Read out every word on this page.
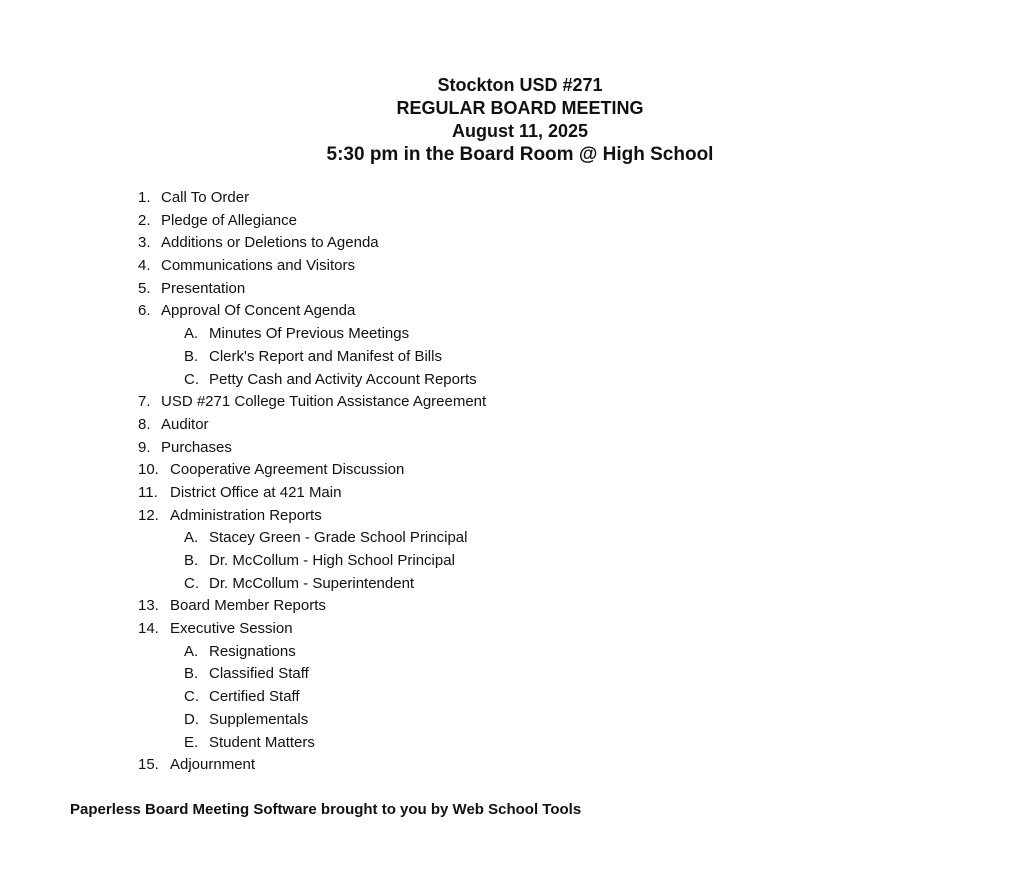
Stockton USD #271
REGULAR BOARD MEETING
August 11, 2025
5:30 pm in the Board Room @ High School
1. Call To Order
2. Pledge of Allegiance
3. Additions or Deletions to Agenda
4. Communications and Visitors
5. Presentation
6. Approval Of Concent Agenda
A. Minutes Of Previous Meetings
B. Clerk's Report and Manifest of Bills
C. Petty Cash and Activity Account Reports
7. USD #271 College Tuition Assistance Agreement
8. Auditor
9. Purchases
10. Cooperative Agreement Discussion
11. District Office at 421 Main
12. Administration Reports
A. Stacey Green - Grade School Principal
B. Dr. McCollum - High School Principal
C. Dr. McCollum - Superintendent
13. Board Member Reports
14. Executive Session
A. Resignations
B. Classified Staff
C. Certified Staff
D. Supplementals
E. Student Matters
15. Adjournment
Paperless Board Meeting Software brought to you by Web School Tools
